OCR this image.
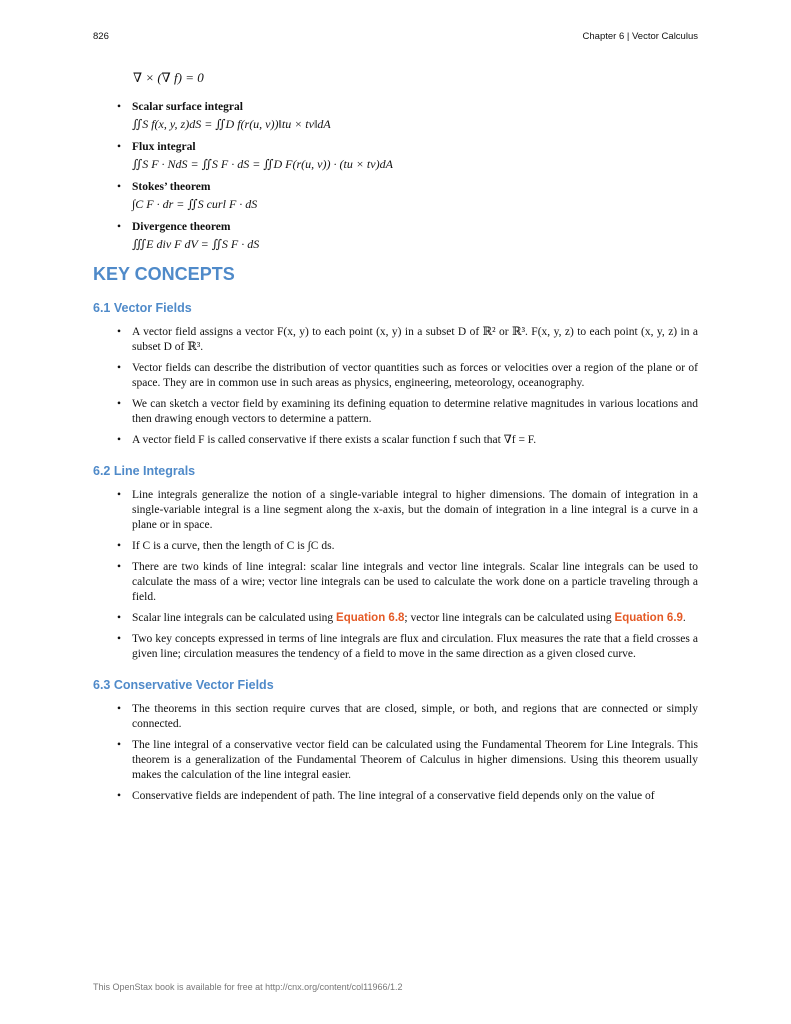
826	Chapter 6 | Vector Calculus
∇ × (∇ f) = 0
• Scalar surface integral
∬S f(x, y, z)dS = ∬D f(r(u, v))‖tu × tv‖dA
• Flux integral
∬S F · NdS = ∬S F · dS = ∬D F(r(u, v)) · (tu × tv)dA
• Stokes’ theorem
∫C F · dr = ∬S curl F · dS
• Divergence theorem
∭E div F dV = ∬S F · dS
KEY CONCEPTS
6.1 Vector Fields
• A vector field assigns a vector F(x, y) to each point (x, y) in a subset D of ℝ² or ℝ³. F(x, y, z) to each point (x, y, z) in a subset D of ℝ³.
• Vector fields can describe the distribution of vector quantities such as forces or velocities over a region of the plane or of space. They are in common use in such areas as physics, engineering, meteorology, oceanography.
• We can sketch a vector field by examining its defining equation to determine relative magnitudes in various locations and then drawing enough vectors to determine a pattern.
• A vector field F is called conservative if there exists a scalar function f such that ∇f = F.
6.2 Line Integrals
• Line integrals generalize the notion of a single-variable integral to higher dimensions. The domain of integration in a single-variable integral is a line segment along the x-axis, but the domain of integration in a line integral is a curve in a plane or in space.
• If C is a curve, then the length of C is ∫C ds.
• There are two kinds of line integral: scalar line integrals and vector line integrals. Scalar line integrals can be used to calculate the mass of a wire; vector line integrals can be used to calculate the work done on a particle traveling through a field.
• Scalar line integrals can be calculated using Equation 6.8; vector line integrals can be calculated using Equation 6.9.
• Two key concepts expressed in terms of line integrals are flux and circulation. Flux measures the rate that a field crosses a given line; circulation measures the tendency of a field to move in the same direction as a given closed curve.
6.3 Conservative Vector Fields
• The theorems in this section require curves that are closed, simple, or both, and regions that are connected or simply connected.
• The line integral of a conservative vector field can be calculated using the Fundamental Theorem for Line Integrals. This theorem is a generalization of the Fundamental Theorem of Calculus in higher dimensions. Using this theorem usually makes the calculation of the line integral easier.
• Conservative fields are independent of path. The line integral of a conservative field depends only on the value of
This OpenStax book is available for free at http://cnx.org/content/col11966/1.2
